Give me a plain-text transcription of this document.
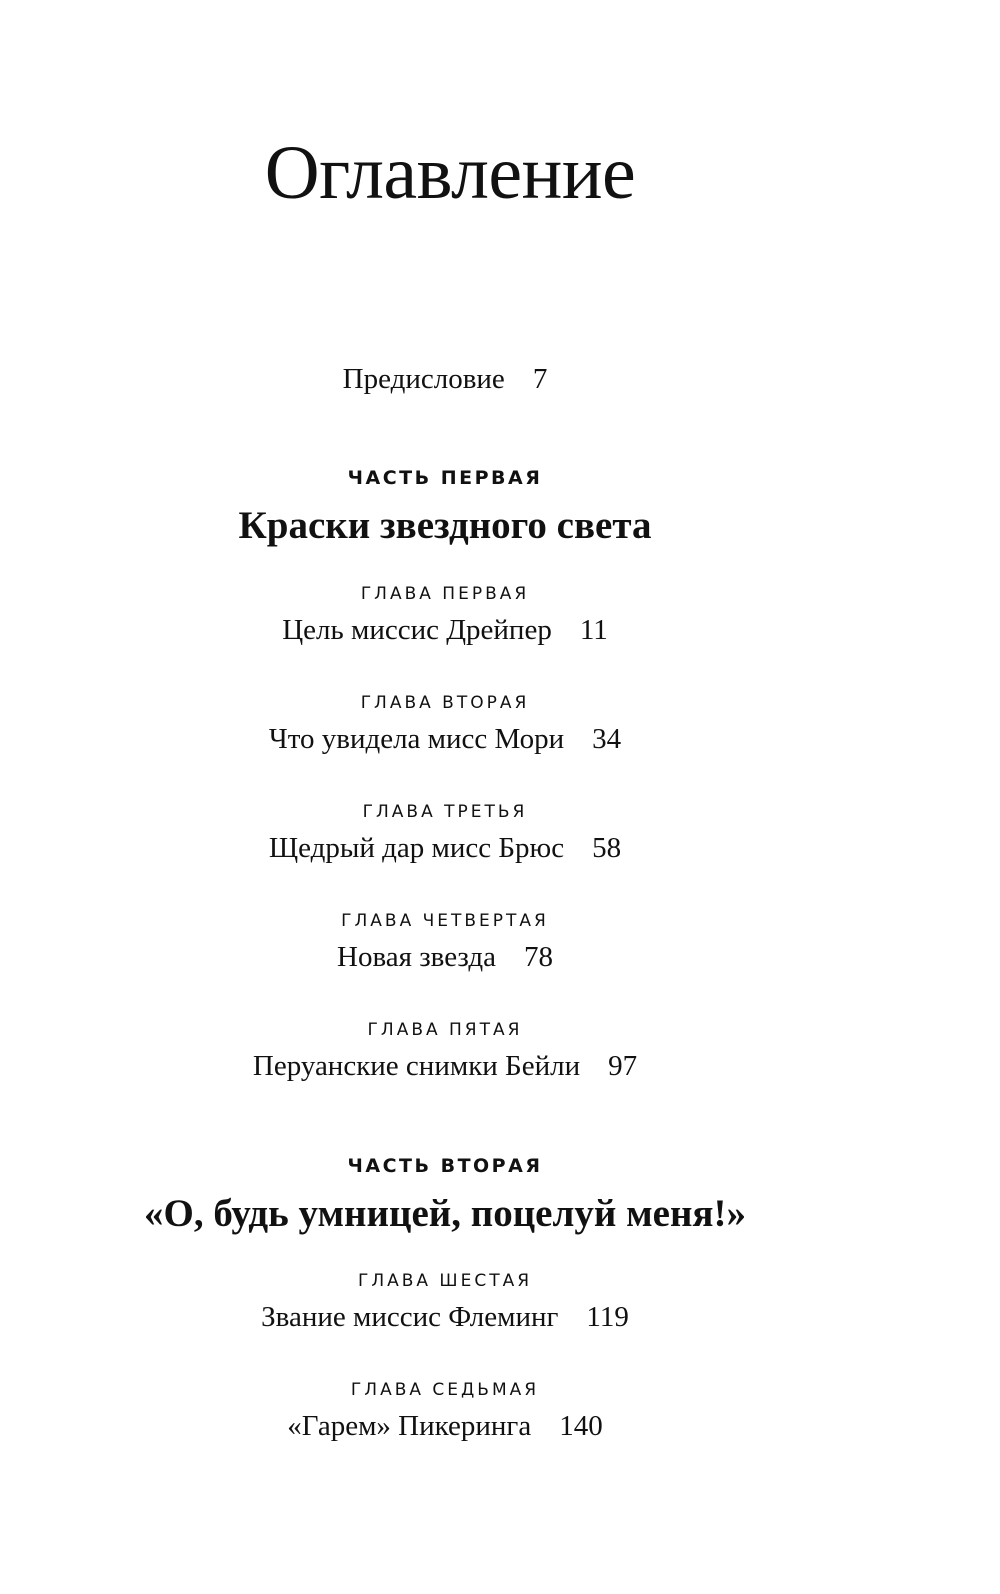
Оглавление
Предисловие 7
ЧАСТЬ ПЕРВАЯ
Краски звездного света
ГЛАВА ПЕРВАЯ
Цель миссис Дрейпер 11
ГЛАВА ВТОРАЯ
Что увидела мисс Мори 34
ГЛАВА ТРЕТЬЯ
Щедрый дар мисс Брюс 58
ГЛАВА ЧЕТВЕРТАЯ
Новая звезда 78
ГЛАВА ПЯТАЯ
Перуанские снимки Бейли 97
ЧАСТЬ ВТОРАЯ
«О, будь умницей, поцелуй меня!»
ГЛАВА ШЕСТАЯ
Звание миссис Флеминг 119
ГЛАВА СЕДЬМАЯ
«Гарем» Пикеринга 140
